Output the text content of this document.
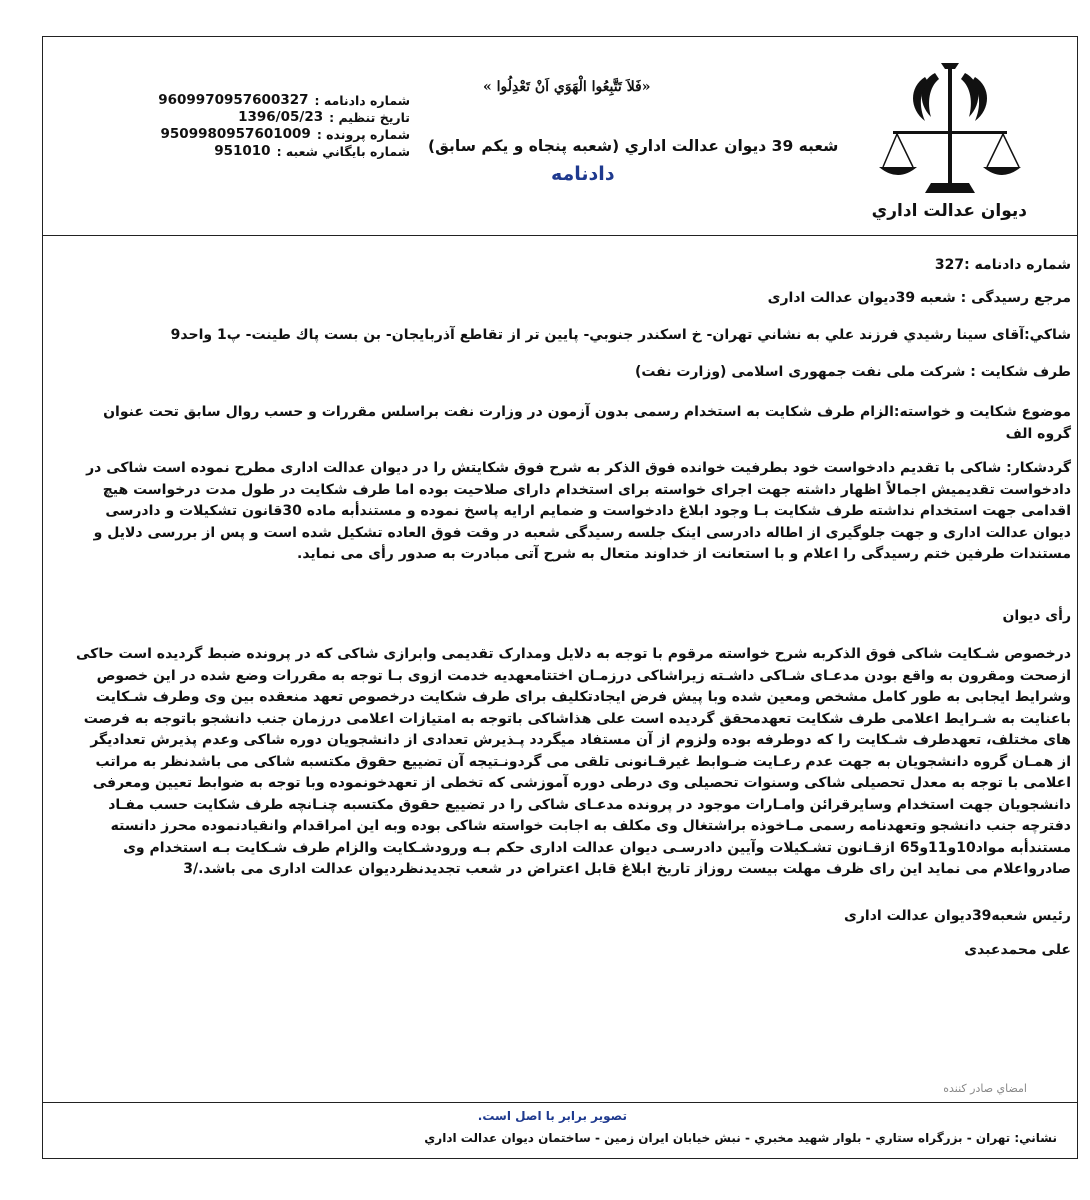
ديوان عدالت اداري
«فَلاَ تَتَّبِعُوا الْهَوَي اَنْ تَعْدِلُوا »
شعبه 39 ديوان عدالت اداري (شعبه پنجاه و يكم سابق)
دادنامه
9609970957600327 شماره دادنامه :
1396/05/23 تاريخ تنظيم :
9509980957601009 شماره پرونده :
951010 شماره بايگاني شعبه :

شماره دادنامه :327

مرجع رسیدگی : شعبه 39دیوان عدالت اداری

شاكي:آقای سينا رشيدي فرزند علي به نشاني تهران- خ اسكندر جنوبي- پايين تر از تقاطع آذربايجان- بن بست پاك طينت- پ1 واحد9

طرف شکایت : شرکت ملی نفت جمهوری اسلامی (وزارت نفت)

موضوع شکایت و خواسته:الزام طرف شکایت به استخدام رسمی بدون آزمون در وزارت نفت براسلس مقررات و حسب روال سابق تحت عنوان

گروه الف

گردشکار: شاکی با تقدیم دادخواست خود بطرفیت خوانده فوق الذکر به شرح فوق شکایتش را در دیوان عدالت اداری مطرح نموده است شاکی در

دادخواست تقدیمیش اجمالاً اظهار داشته جهت اجرای خواسته برای استخدام دارای صلاحیت بوده اما طرف شکایت در طول مدت درخواست هیچ

اقدامی جهت استخدام نداشته طرف شکایت بـا وجود ابلاغ دادخواست و ضمایم ارایه پاسخ نموده و مستندأبه ماده 30قانون تشکیلات و دادرسی

دیوان عدالت اداری و جهت جلوگیری از اطاله دادرسی اینک جلسه رسیدگی شعبه در وقت فوق العاده تشکیل شده است و پس از بررسی دلایل و

مستندات طرفین ختم رسیدگی را اعلام و با استعانت از خداوند متعال به شرح آتی مبادرت به صدور رأی می نماید.

رأی دیوان

درخصوص شـکایت شاکی فوق الذکربه شرح خواسته مرقوم با توجه به دلایل ومدارک تقدیمی وابرازی شاکی که در پرونده ضبط گردیده است حاکی

ازصحت ومقرون به واقع بودن مدعـای شـاکی داشـته زیراشاکی درزمـان اختتامعهدیه خدمت ازوی بـا توجه به مقررات وضع شده در این خصوص

وشرایط ایجابی به طور کامل مشخص ومعین شده وبا پیش فرض ایجادتکلیف برای طرف شکایت درخصوص تعهد منعقده بین وی وطرف شـکایت

باعنایت به شـرایط اعلامی طرف شکایت تعهدمحقق گردیده است علی هذاشاکی باتوجه به امتیازات اعلامی درزمان جنب دانشجو باتوجه به فرصت

های مختلف، تعهدطرف شـکایت را که دوطرفه بوده ولزوم از آن مستفاد میگردد پـذیرش تعدادی از دانشجویان دوره شاکی وعدم پذیرش تعدادیگر

از همـان گروه دانشجویان به جهت عدم رعـایت ضـوابط غیرقـانونی تلقی می گردونـتیجه آن تضییع حقوق مکتسبه شاکی می باشدنظر به مراتب

اعلامی با توجه به معدل تحصیلی شاکی وسنوات تحصیلی وی درطی دوره آموزشی که تخطی از تعهدخونموده وبا توجه به ضوابط تعیین ومعرفی

دانشجویان جهت استخدام وسایرقرائن وامـارات موجود در پرونده مدعـای شاکی را در تضییع حقوق مکتسبه چنـانچه طرف شکایت حسب مفـاد

دفترچه جنب دانشجو وتعهدنامه رسمی مـاخوذه براشتغال وی مکلف به اجابت خواسته شاکی بوده وبه این امراقدام وانقیادنموده محرز دانسته

مستندأبه مواد10و11و65 ازقـانون تشـکیلات وآیین دادرسـی دیوان عدالت اداری حکم بـه ورودشـکایت والزام طرف شـکایت بـه استخدام وی

صادرواعلام می نماید این رای ظرف مهلت بیست روزاز تاریخ ابلاغ قابل اعتراض در شعب تجدیدنظردیوان عدالت اداری می باشد./3

رئیس شعبه39دیوان عدالت اداری

علی محمدعبدی

امضاي صادر كننده
تصوير برابر با اصل است.
نشاني: تهران - بزرگراه ستاري - بلوار شهيد مخبري - نبش خيابان ايران زمين - ساختمان ديوان عدالت اداري
